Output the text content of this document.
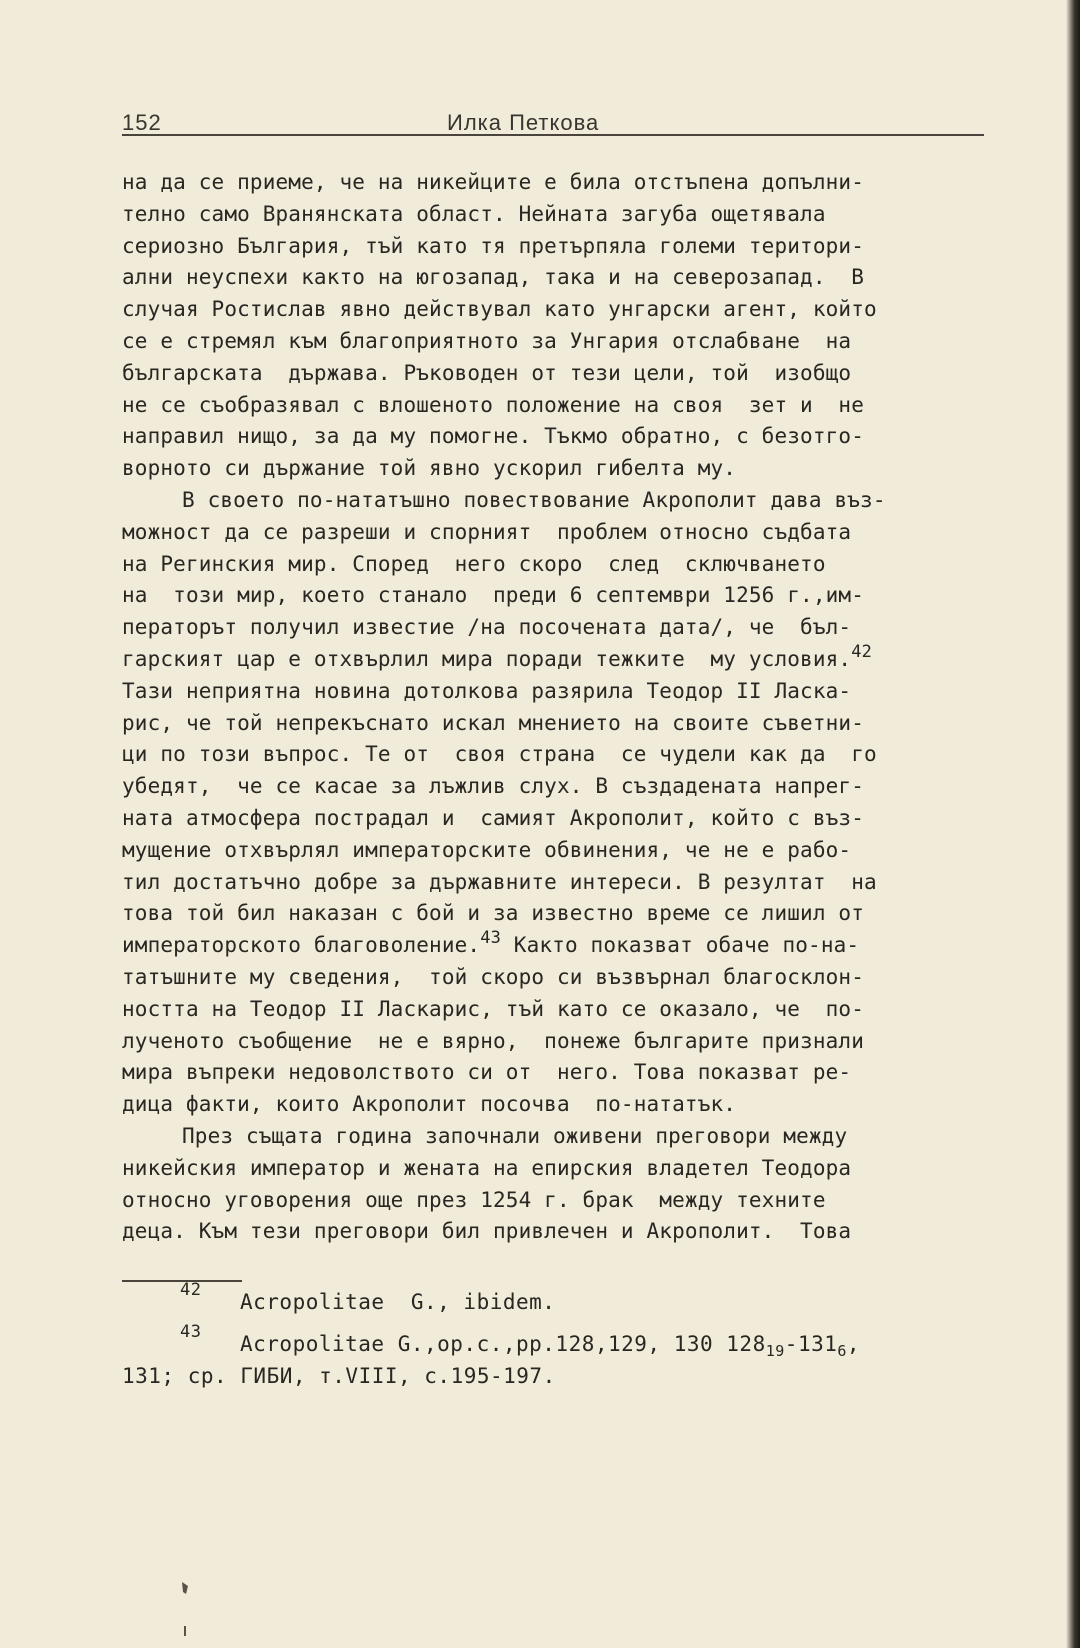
152	Илка Петкова
на да се приеме, че на никейците е била отстъпена допълни-
телно само Вранянската област. Нейната загуба ощетявала
сериозно България, тъй като тя претърпяла големи територи-
ални неуспехи както на югозапад, така и на северозапад.  В
случая Ростислав явно действувал като унгарски агент, който
се е стремял към благоприятното за Унгария отслабване  на
българската  държава. Ръководен от тези цели, той  изобщо
не се съобразявал с влошеното положение на своя  зет и  не
направил нищо, за да му помогне. Тъкмо обратно, с безотго-
ворното си държание той явно ускорил гибелта му.
В своето по-нататъшно повествование Акрополит дава въз-
можност да се разреши и спорният  проблем относно съдбата
на Регинския мир. Според  него скоро  след  сключването
на  този мир, което станало  преди 6 септември 1256 г.,им-
ператорът получил известие /на посочената дата/, че  бъл-
гарският цар е отхвърлил мира поради тежките  му условия.$^{42}$
Тази неприятна новина дотолкова разярила Теодор II Ласка-
рис, че той непрекъснато искал мнението на своите съветни-
ци по този въпрос. Те от  своя страна  се чудели как да  го
убедят,  че се касае за лъжлив слух. В създадената напрег-
ната атмосфера пострадал и  самият Акрополит, който с въз-
мущение отхвърлял императорските обвинения, че не е рабо-
тил достатъчно добре за държавните интереси. В резултат  на
това той бил наказан с бой и за известно време се лишил от
императорското благоволение.$^{43}$ Както показват обаче по-на-
татъшните му сведения,  той скоро си възвърнал благосклон-
ността на Теодор II Ласкарис, тъй като се оказало, че  по-
лученото съобщение  не е вярно,  понеже българите признали
мира въпреки недоволството си от  него. Това показват ре-
дица факти, които Акрополит посочва  по-нататък.
През същата година започнали оживени преговори между
никейския император и жената на епирския владетел Теодора
относно уговорения още през 1254 г. брак  между техните
деца. Към тези преговори бил привлечен и Акрополит.  Това

42

Acropolitae  G., ibidem.

43

Acropolitae G.,op.c.,pp.128,129, 130 $128_{19}-131_6$,

131; ср. ГИБИ, т.VIII, с.195-197.
